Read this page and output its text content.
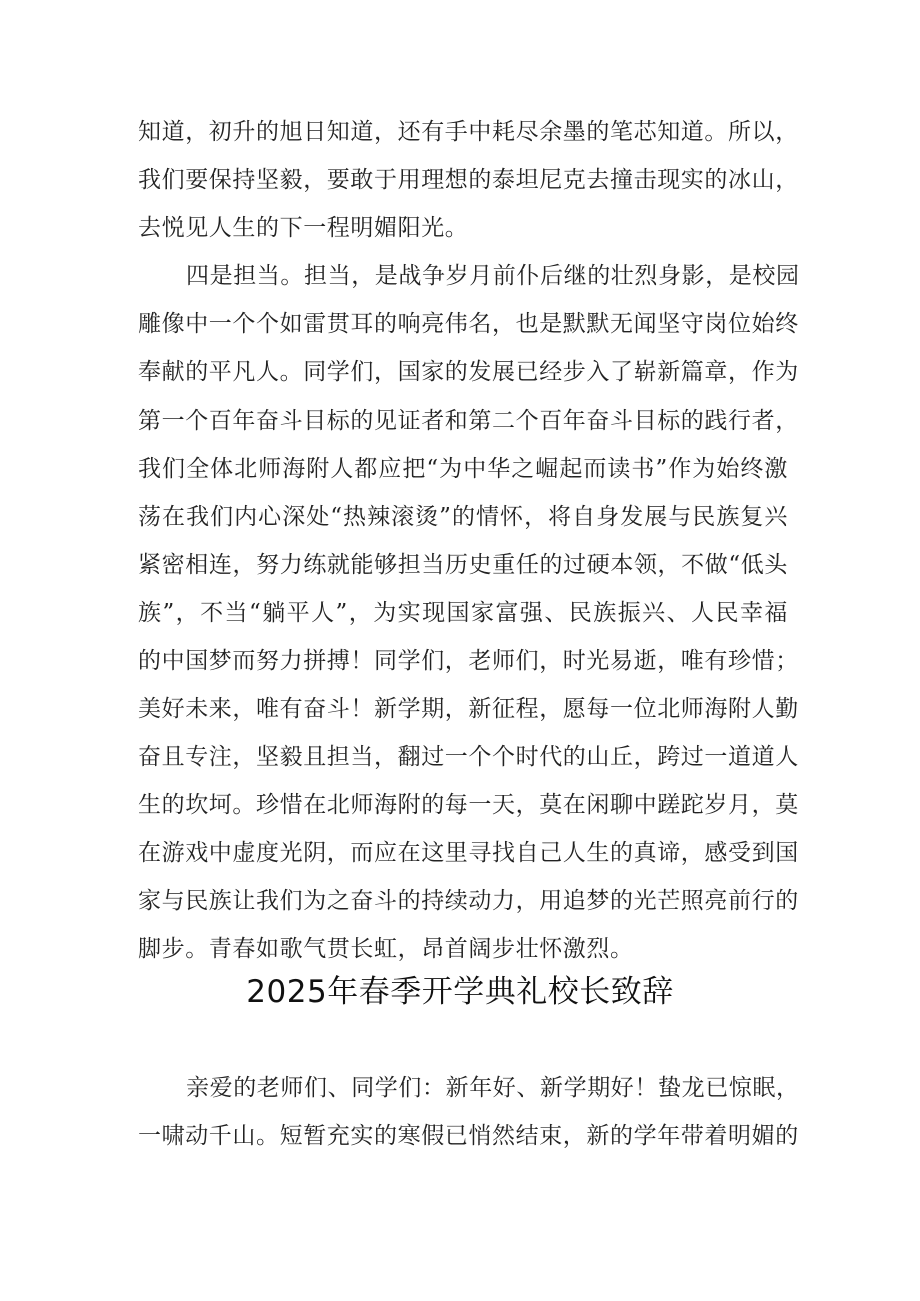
知道，初升的旭日知道，还有手中耗尽余墨的笔芯知道。所以，
我们要保持坚毅，要敢于用理想的泰坦尼克去撞击现实的冰山，
去悦见人生的下一程明媚阳光。
四是担当。担当，是战争岁月前仆后继的壮烈身影，是校园
雕像中一个个如雷贯耳的响亮伟名，也是默默无闻坚守岗位始终
奉献的平凡人。同学们，国家的发展已经步入了崭新篇章，作为
第一个百年奋斗目标的见证者和第二个百年奋斗目标的践行者，
我们全体北师海附人都应把“为中华之崛起而读书”作为始终激
荡在我们内心深处“热辣滚烫”的情怀，将自身发展与民族复兴
紧密相连，努力练就能够担当历史重任的过硬本领，不做“低头
族”，不当“躺平人”，为实现国家富强、民族振兴、人民幸福
的中国梦而努力拼搏！同学们，老师们，时光易逝，唯有珍惜；
美好未来，唯有奋斗！新学期，新征程，愿每一位北师海附人勤
奋且专注，坚毅且担当，翻过一个个时代的山丘，跨过一道道人
生的坎坷。珍惜在北师海附的每一天，莫在闲聊中蹉跎岁月，莫
在游戏中虚度光阴，而应在这里寻找自己人生的真谛，感受到国
家与民族让我们为之奋斗的持续动力，用追梦的光芒照亮前行的
脚步。青春如歌气贯长虹，昂首阔步壮怀激烈。
2025年春季开学典礼校长致辞
亲爱的老师们、同学们：新年好、新学期好！蛰龙已惊眠，
一啸动千山。短暂充实的寒假已悄然结束，新的学年带着明媚的
